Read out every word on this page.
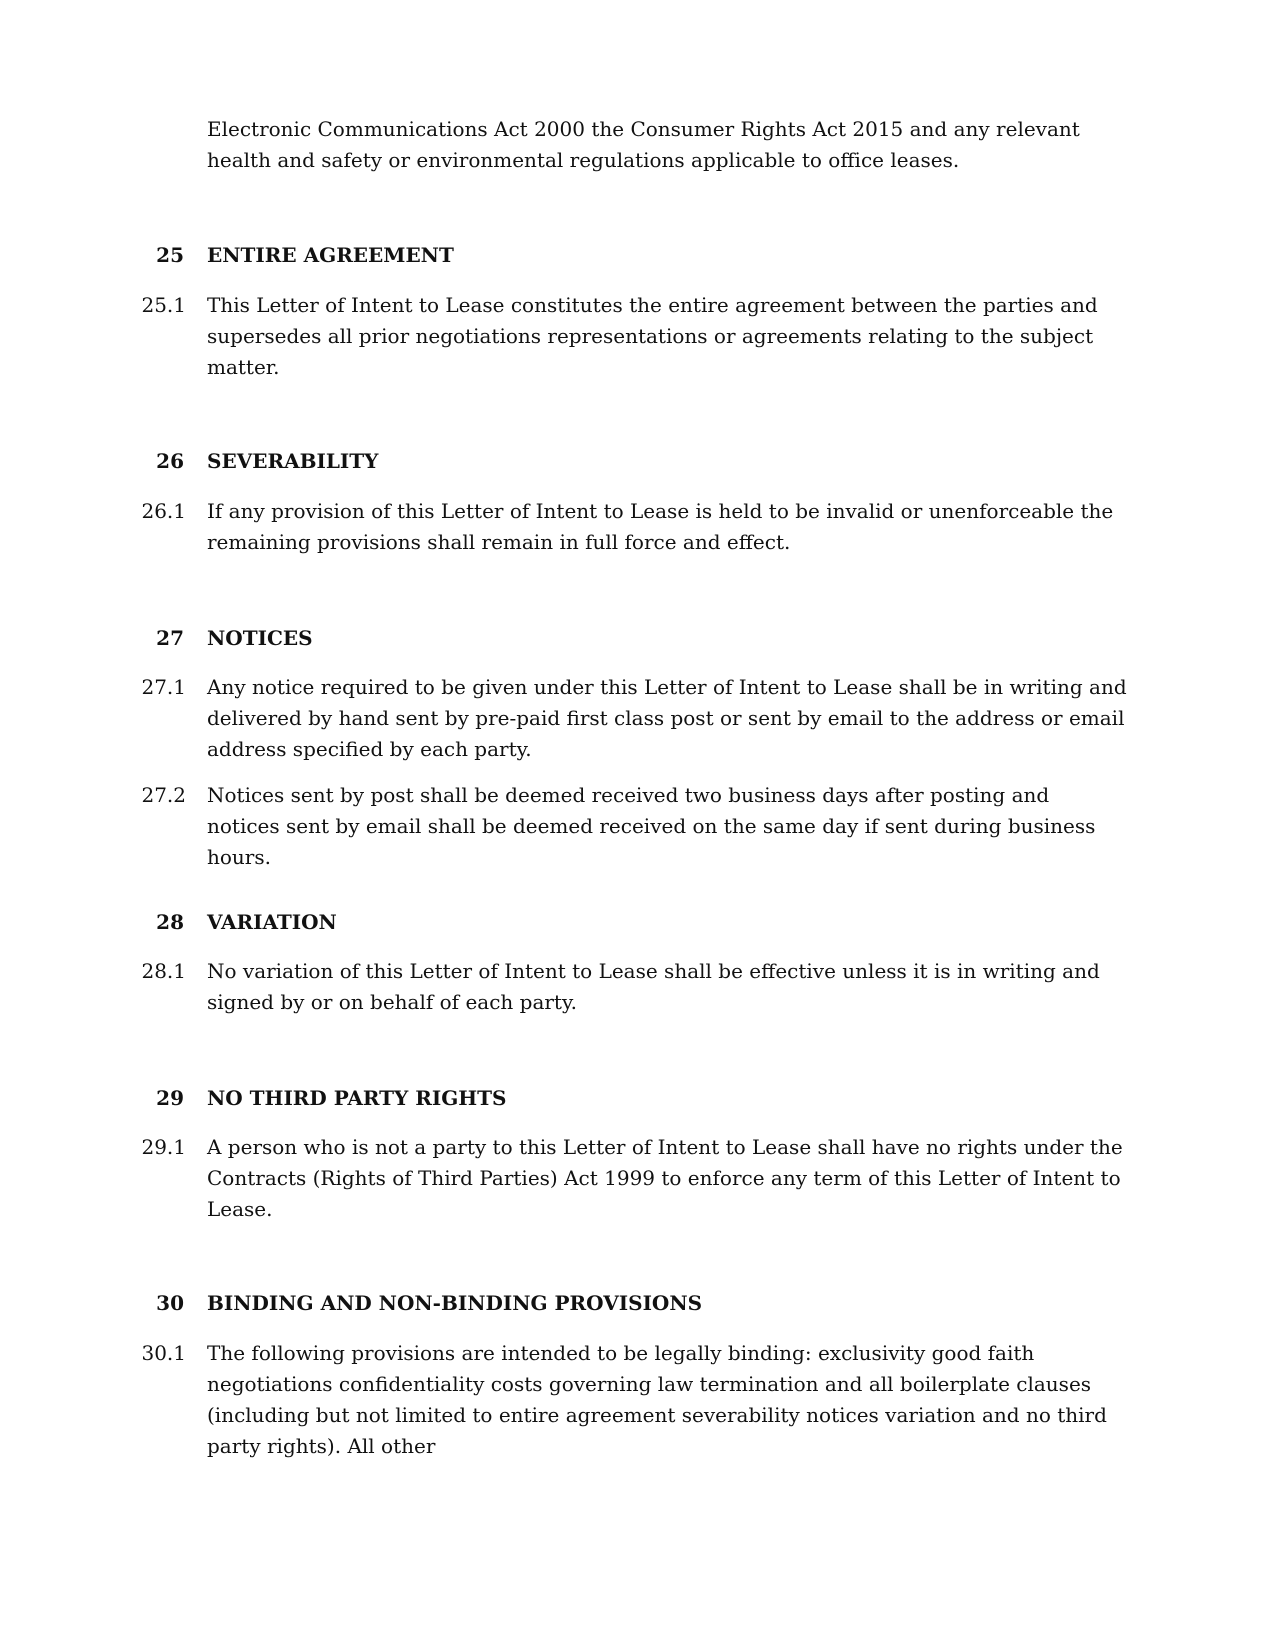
Electronic Communications Act 2000 the Consumer Rights Act 2015 and any relevant health and safety or environmental regulations applicable to office leases.

25 ENTIRE AGREEMENT
25.1 This Letter of Intent to Lease constitutes the entire agreement between the parties and supersedes all prior negotiations representations or agreements relating to the subject matter.
26 SEVERABILITY
26.1 If any provision of this Letter of Intent to Lease is held to be invalid or unenforceable the remaining provisions shall remain in full force and effect.
27 NOTICES
27.1 Any notice required to be given under this Letter of Intent to Lease shall be in writing and delivered by hand sent by pre-paid first class post or sent by email to the address or email address specified by each party.
27.2 Notices sent by post shall be deemed received two business days after posting and notices sent by email shall be deemed received on the same day if sent during business hours.
28 VARIATION
28.1 No variation of this Letter of Intent to Lease shall be effective unless it is in writing and signed by or on behalf of each party.
29 NO THIRD PARTY RIGHTS
29.1 A person who is not a party to this Letter of Intent to Lease shall have no rights under the Contracts (Rights of Third Parties) Act 1999 to enforce any term of this Letter of Intent to Lease.
30 BINDING AND NON-BINDING PROVISIONS
30.1 The following provisions are intended to be legally binding: exclusivity good faith negotiations confidentiality costs governing law termination and all boilerplate clauses (including but not limited to entire agreement severability notices variation and no third party rights). All other
